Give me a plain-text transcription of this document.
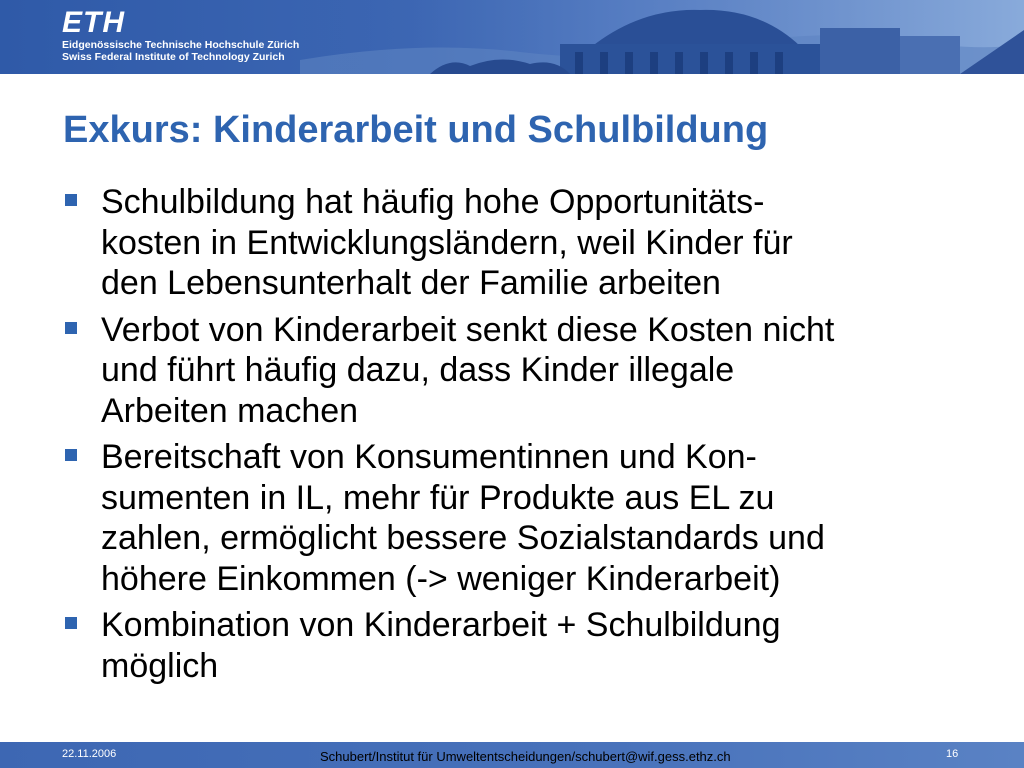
ETH
Eidgenössische Technische Hochschule Zürich
Swiss Federal Institute of Technology Zurich
Exkurs: Kinderarbeit und Schulbildung
Schulbildung hat häufig hohe Opportunitäts-
kosten in Entwicklungsländern, weil Kinder für
den Lebensunterhalt der Familie arbeiten
Verbot von Kinderarbeit senkt diese Kosten nicht
und führt häufig dazu, dass Kinder illegale
Arbeiten machen
Bereitschaft von Konsumentinnen und Kon-
sumenten in IL, mehr für Produkte aus EL zu
zahlen, ermöglicht bessere Sozialstandards und
höhere Einkommen (-> weniger Kinderarbeit)
Kombination von Kinderarbeit + Schulbildung
möglich
22.11.2006	Schubert/Institut für Umweltentscheidungen/schubert@wif.gess.ethz.ch	16
